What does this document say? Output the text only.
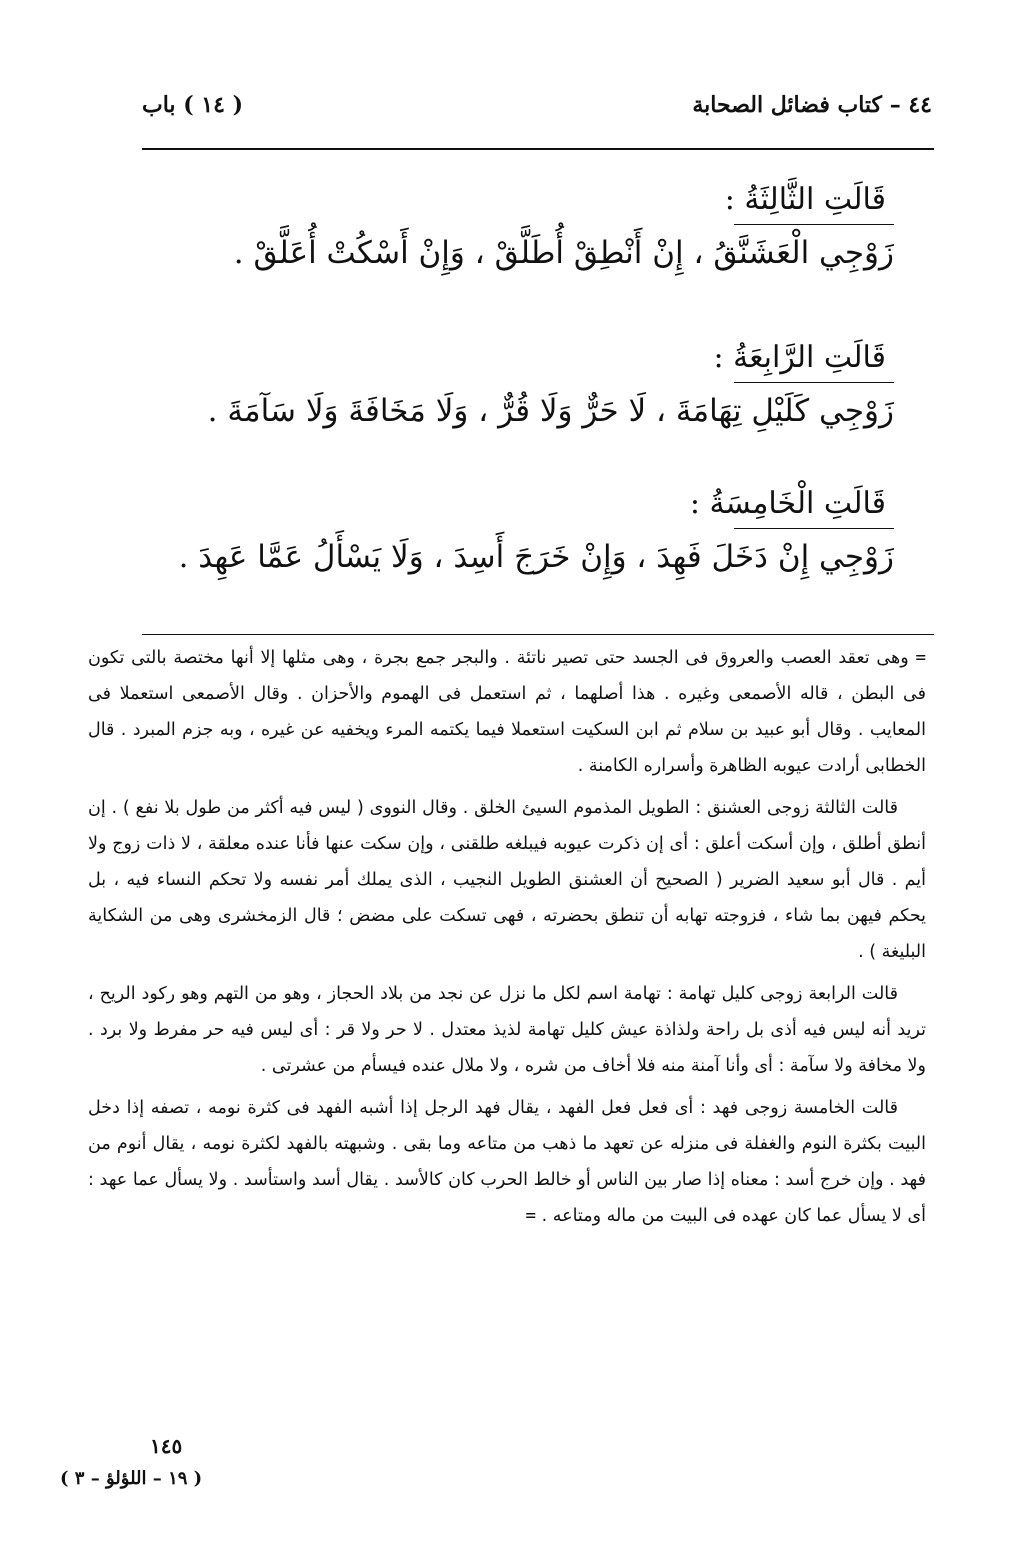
٤٤ – كتاب فضائل الصحابة
( ١٤ ) باب
قَالَتِ الثَّالِثَةُ :
زَوْجِي الْعَشَنَّقُ ، إِنْ أَنْطِقْ أُطَلَّقْ ، وَإِنْ أَسْكُتْ أُعَلَّقْ .
قَالَتِ الرَّابِعَةُ :
زَوْجِي كَلَيْلِ تِهَامَةَ ، لَا حَرٌّ وَلَا قُرٌّ ، وَلَا مَخَافَةَ وَلَا سَآمَةَ .
قَالَتِ الْخَامِسَةُ :
زَوْجِي إِنْ دَخَلَ فَهِدَ ، وَإِنْ خَرَجَ أَسِدَ ، وَلَا يَسْأَلُ عَمَّا عَهِدَ .

= وهى تعقد العصب والعروق فى الجسد حتى تصير ناتئة . والبجر جمع بجرة ، وهى مثلها إلا أنها مختصة بالتى تكون فى البطن ، قاله الأصمعى وغيره . هذا أصلهما ، ثم استعمل فى الهموم والأحزان . وقال الأصمعى استعملا فى المعايب . وقال أبو عبيد بن سلام ثم ابن السكيت استعملا فيما يكتمه المرء ويخفيه عن غيره ، وبه جزم المبرد . قال الخطابى أرادت عيوبه الظاهرة وأسراره الكامنة .

قالت الثالثة زوجى العشنق : الطويل المذموم السيئ الخلق . وقال النووى ( ليس فيه أكثر من طول بلا نفع ) . إن أنطق أطلق ، وإن أسكت أعلق : أى إن ذكرت عيوبه فيبلغه طلقنى ، وإن سكت عنها فأنا عنده معلقة ، لا ذات زوج ولا أيم . قال أبو سعيد الضرير ( الصحيح أن العشنق الطويل النجيب ، الذى يملك أمر نفسه ولا تحكم النساء فيه ، بل يحكم فيهن بما شاء ، فزوجته تهابه أن تنطق بحضرته ، فهى تسكت على مضض ؛ قال الزمخشرى وهى من الشكاية البليغة ) .

قالت الرابعة زوجى كليل تهامة : تهامة اسم لكل ما نزل عن نجد من بلاد الحجاز ، وهو من التهم وهو ركود الريح ، تريد أنه ليس فيه أذى بل راحة ولذاذة عيش كليل تهامة لذيذ معتدل . لا حر ولا قر : أى ليس فيه حر مفرط ولا برد . ولا مخافة ولا سآمة : أى وأنا آمنة منه فلا أخاف من شره ، ولا ملال عنده فيسأم من عشرتى .

قالت الخامسة زوجى فهد : أى فعل فعل الفهد ، يقال فهد الرجل إذا أشبه الفهد فى كثرة نومه ، تصفه إذا دخل البيت بكثرة النوم والغفلة فى منزله عن تعهد ما ذهب من متاعه وما بقى . وشبهته بالفهد لكثرة نومه ، يقال أنوم من فهد . وإن خرج أسد : معناه إذا صار بين الناس أو خالط الحرب كان كالأسد . يقال أسد واستأسد . ولا يسأل عما عهد : أى لا يسأل عما كان عهده فى البيت من ماله ومتاعه . =

١٤٥
( ١٩ – اللؤلؤ – ٣ )
